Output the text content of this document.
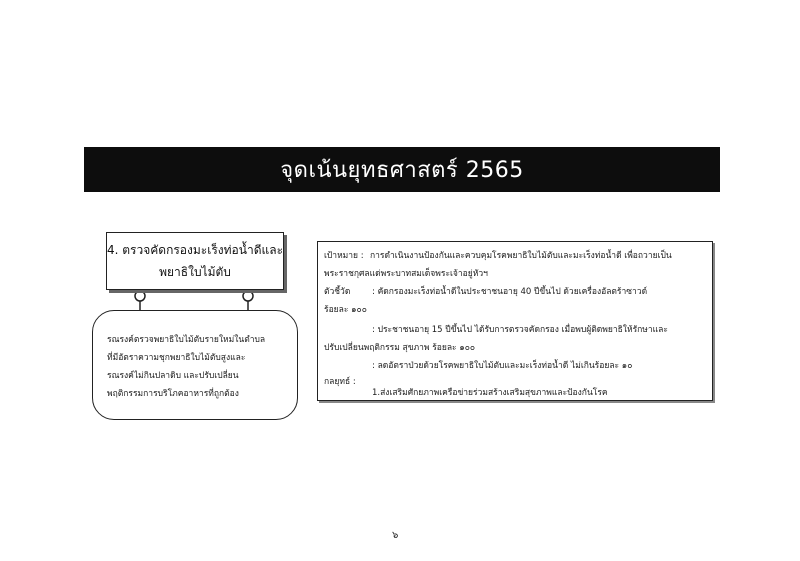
จุดเน้นยุทธศาสตร์ 2565
4. ตรวจคัดกรองมะเร็งท่อน้ำดีและ
พยาธิใบไม้ตับ
รณรงค์ตรวจพยาธิใบไม้ตับรายใหม่ในตำบล
ที่มีอัตราความชุกพยาธิใบไม้ตับสูงและ
รณรงค์ไม่กินปลาดิบ และปรับเปลี่ยน
พฤติกรรมการบริโภคอาหารที่ถูกต้อง
เป้าหมาย : การดำเนินงานป้องกันและควบคุมโรคพยาธิใบไม้ตับและมะเร็งท่อน้ำดี เพื่อถวายเป็น
พระราชกุศลแด่พระบาทสมเด็จพระเจ้าอยู่หัวฯ
ตัวชี้วัด	: คัดกรองมะเร็งท่อน้ำดีในประชาชนอายุ 40 ปีขึ้นไป ด้วยเครื่องอัลตร้าซาวด์
ร้อยละ ๑๐๐
: ประชาชนอายุ 15 ปีขึ้นไป ได้รับการตรวจคัดกรอง เมื่อพบผู้ติดพยาธิให้รักษาและ
ปรับเปลี่ยนพฤติกรรม สุขภาพ ร้อยละ ๑๐๐
: ลดอัตราป่วยด้วยโรคพยาธิใบไม้ตับและมะเร็งท่อน้ำดี ไม่เกินร้อยละ ๑๐
กลยุทธ์ :
1.ส่งเสริมศักยภาพเครือข่ายร่วมสร้างเสริมสุขภาพและป้องกันโรค
๖
